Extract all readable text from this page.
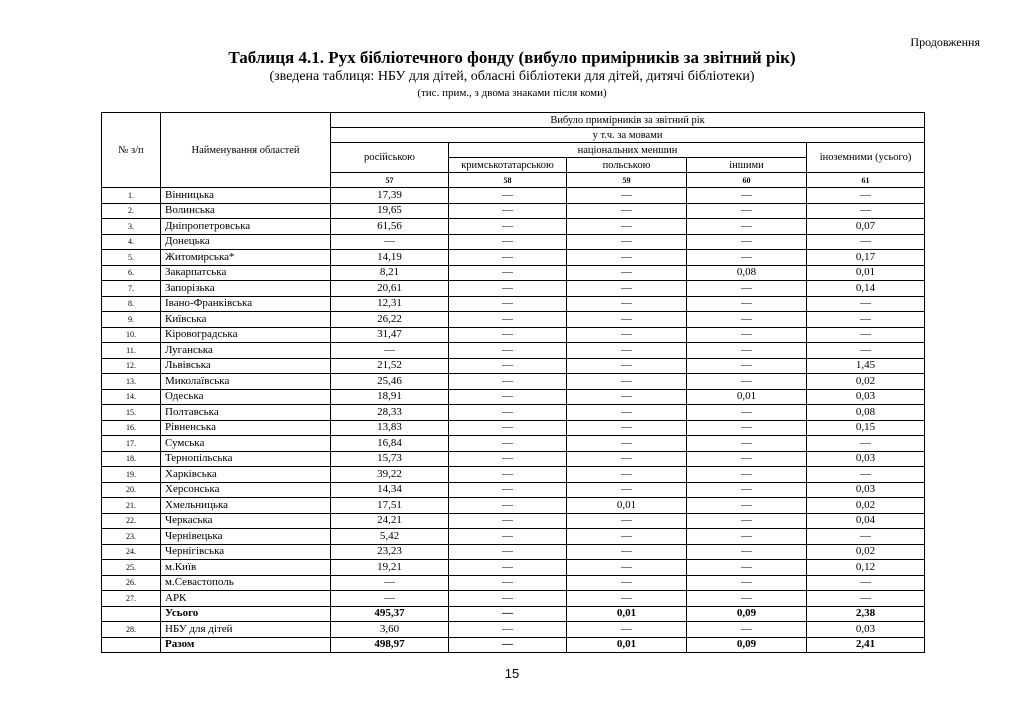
Продовження
Таблиця 4.1. Рух бібліотечного фонду (вибуло примірників за звітний рік)
(зведена таблиця: НБУ для дітей, обласні бібліотеки для дітей, дитячі бібліотеки)
(тис. прим., з двома знаками після коми)
№ з/п	Найменування областей	Вибуло примірників за звітний рік				
		у т.ч. за мовами				
		російською	національних меншин			іноземними (усього)
			кримськотатарською	польською	іншими	
		57	58	59	60	61
1.	Вінницька	17,39	—	—	—	—
2.	Волинська	19,65	—	—	—	—
3.	Дніпропетровська	61,56	—	—	—	0,07
4.	Донецька	—	—	—	—	—
5.	Житомирська*	14,19	—	—	—	0,17
6.	Закарпатська	8,21	—	—	0,08	0,01
7.	Запорізька	20,61	—	—	—	0,14
8.	Івано-Франківська	12,31	—	—	—	—
9.	Київська	26,22	—	—	—	—
10.	Кіровоградська	31,47	—	—	—	—
11.	Луганська	—	—	—	—	—
12.	Львівська	21,52	—	—	—	1,45
13.	Миколаївська	25,46	—	—	—	0,02
14.	Одеська	18,91	—	—	0,01	0,03
15.	Полтавська	28,33	—	—	—	0,08
16.	Рівненська	13,83	—	—	—	0,15
17.	Сумська	16,84	—	—	—	—
18.	Тернопільська	15,73	—	—	—	0,03
19.	Харківська	39,22	—	—	—	—
20.	Херсонська	14,34	—	—	—	0,03
21.	Хмельницька	17,51	—	0,01	—	0,02
22.	Черкаська	24,21	—	—	—	0,04
23.	Чернівецька	5,42	—	—	—	—
24.	Чернігівська	23,23	—	—	—	0,02
25.	м.Київ	19,21	—	—	—	0,12
26.	м.Севастополь	—	—	—	—	—
27.	АРК	—	—	—	—	—
	Усього	495,37	—	0,01	0,09	2,38
28.	НБУ для дітей	3,60	—	—	—	0,03
	Разом	498,97	—	0,01	0,09	2,41
15
